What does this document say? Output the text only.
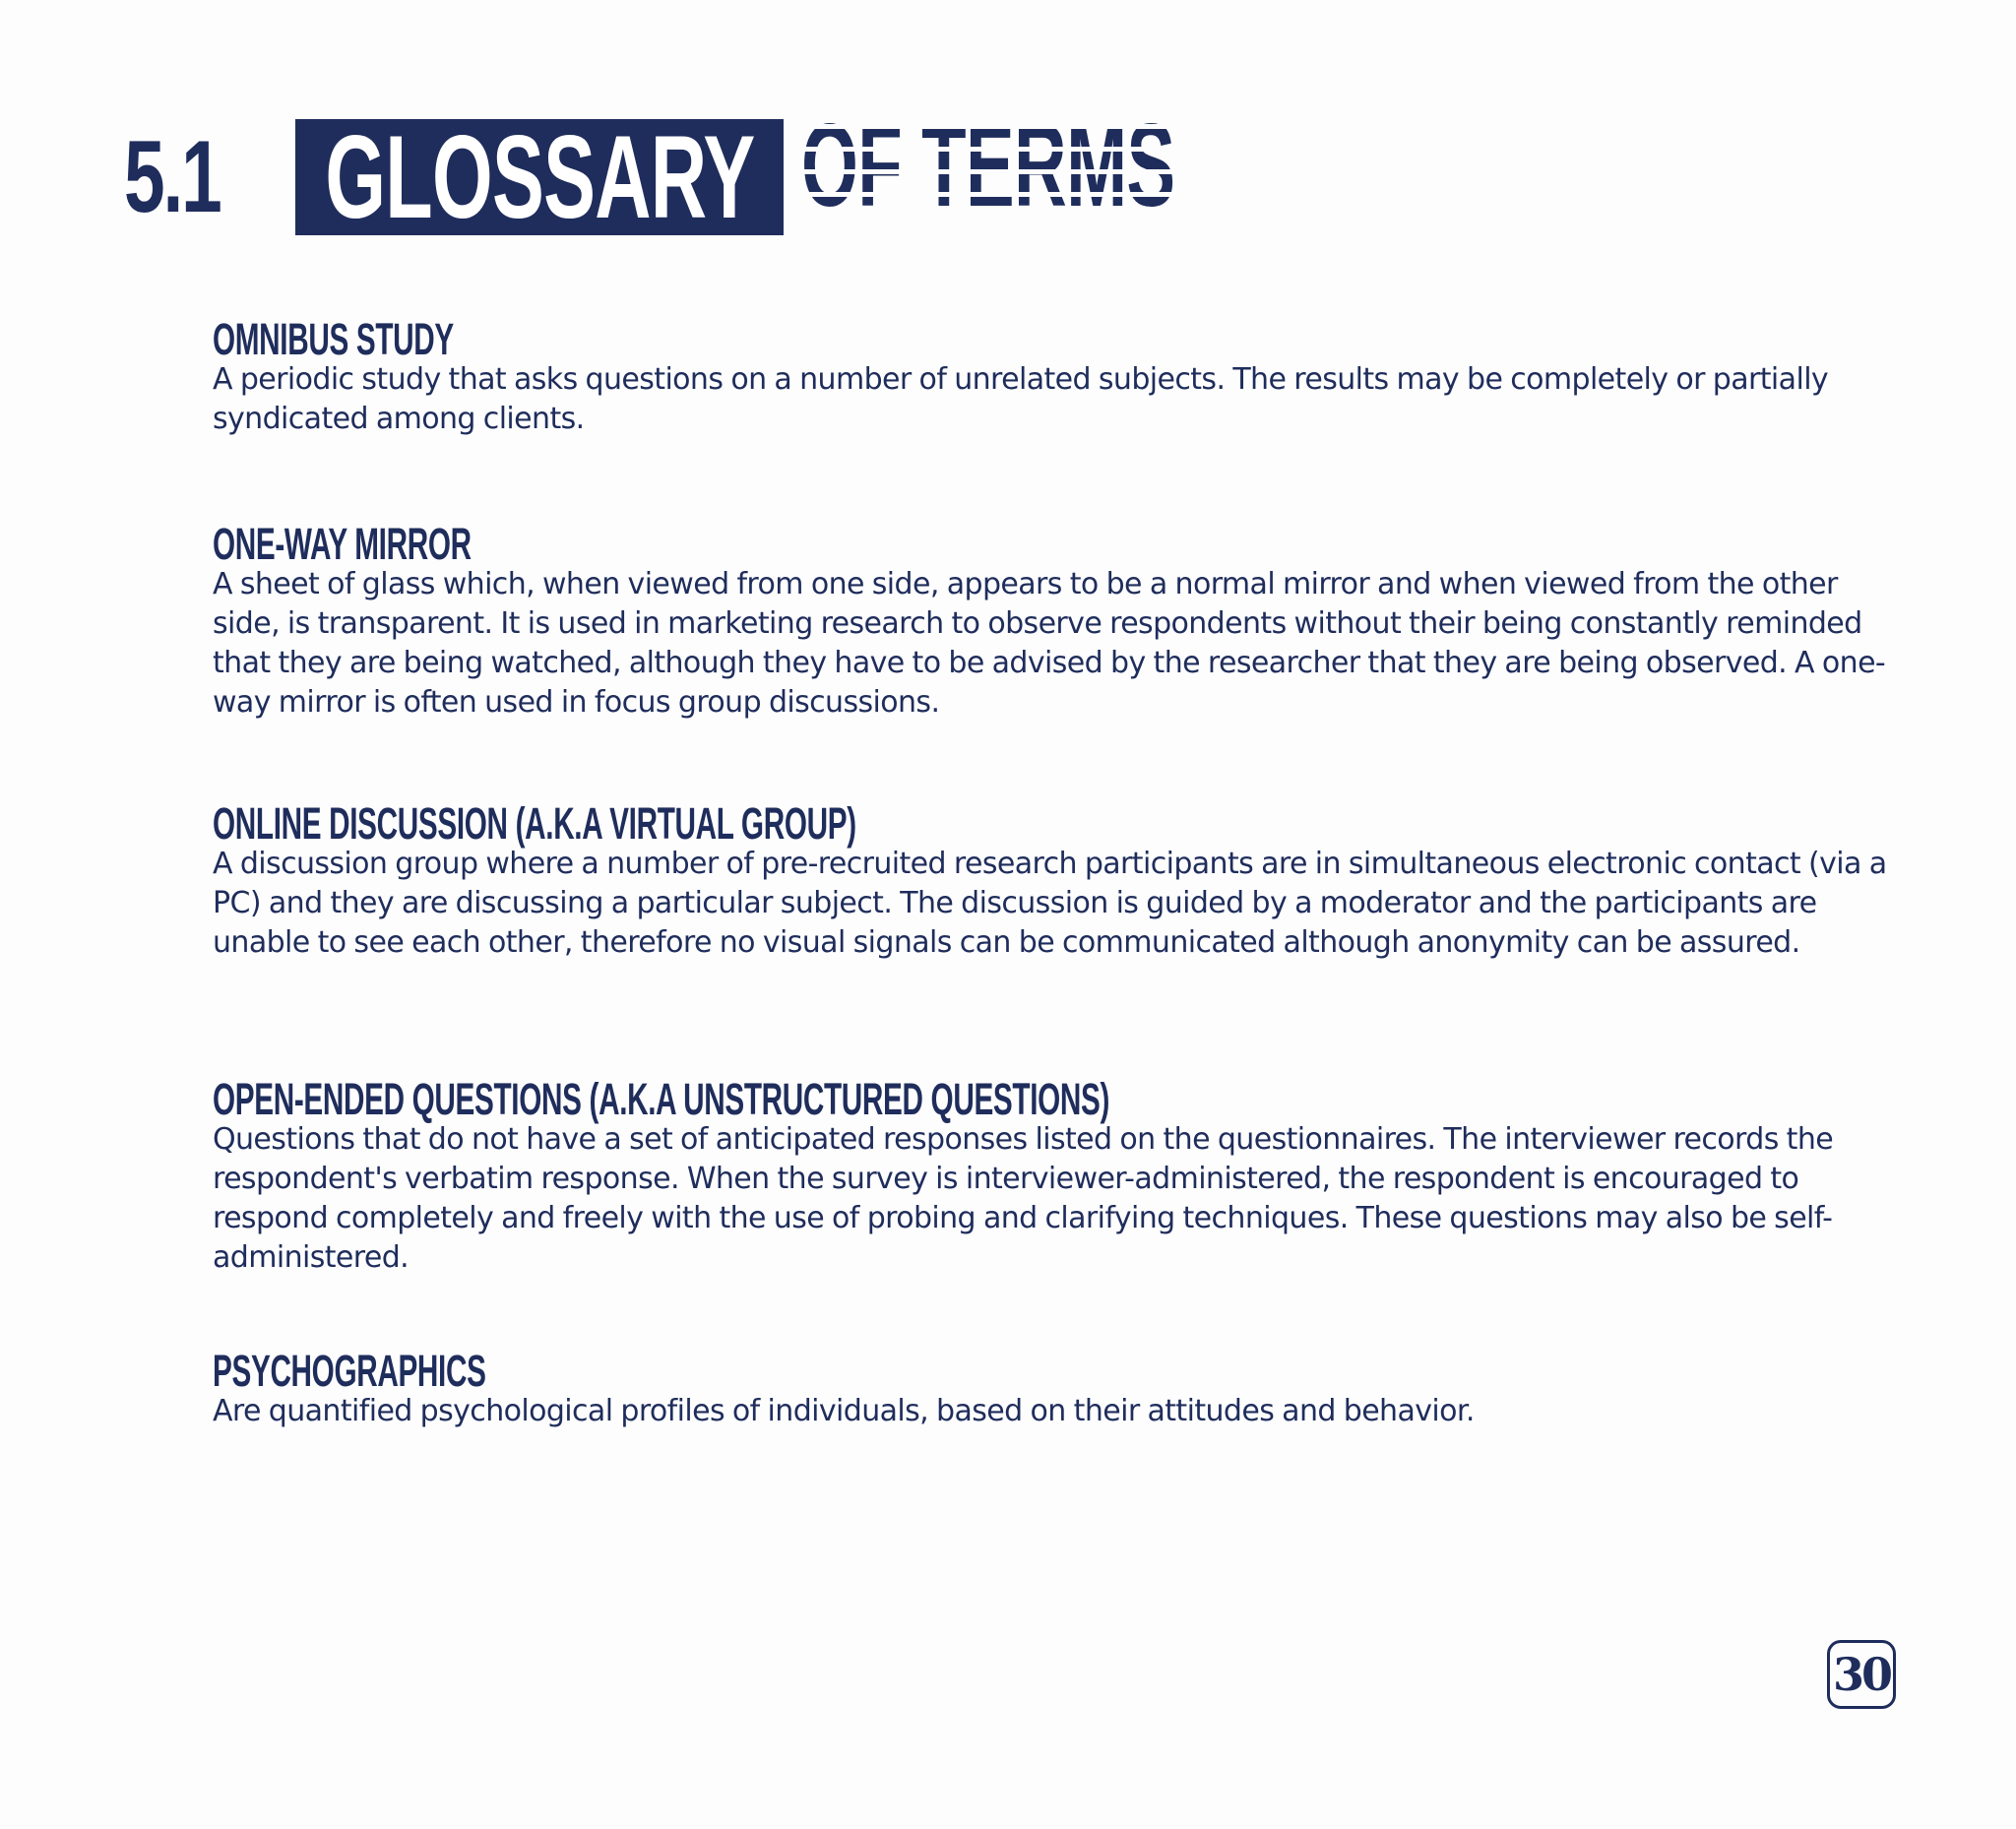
5.1 GLOSSARY OF TERMS
OMNIBUS STUDY
A periodic study that asks questions on a number of unrelated subjects. The results may be completely or partially syndicated among clients.
ONE-WAY MIRROR
A sheet of glass which, when viewed from one side, appears to be a normal mirror and when viewed from the other side, is transparent. It is used in marketing research to observe respondents without their being constantly reminded that they are being watched, although they have to be advised by the researcher that they are being observed. A one-way mirror is often used in focus group discussions.
ONLINE DISCUSSION (A.K.A VIRTUAL GROUP)
A discussion group where a number of pre-recruited research participants are in simultaneous electronic contact (via a PC) and they are discussing a particular subject. The discussion is guided by a moderator and the participants are unable to see each other, therefore no visual signals can be communicated although anonymity can be assured.
OPEN-ENDED QUESTIONS (A.K.A UNSTRUCTURED QUESTIONS)
Questions that do not have a set of anticipated responses listed on the questionnaires. The interviewer records the respondent's verbatim response. When the survey is interviewer-administered, the respondent is encouraged to respond completely and freely with the use of probing and clarifying techniques. These questions may also be self-administered.
PSYCHOGRAPHICS
Are quantified psychological profiles of individuals, based on their attitudes and behavior.
30
